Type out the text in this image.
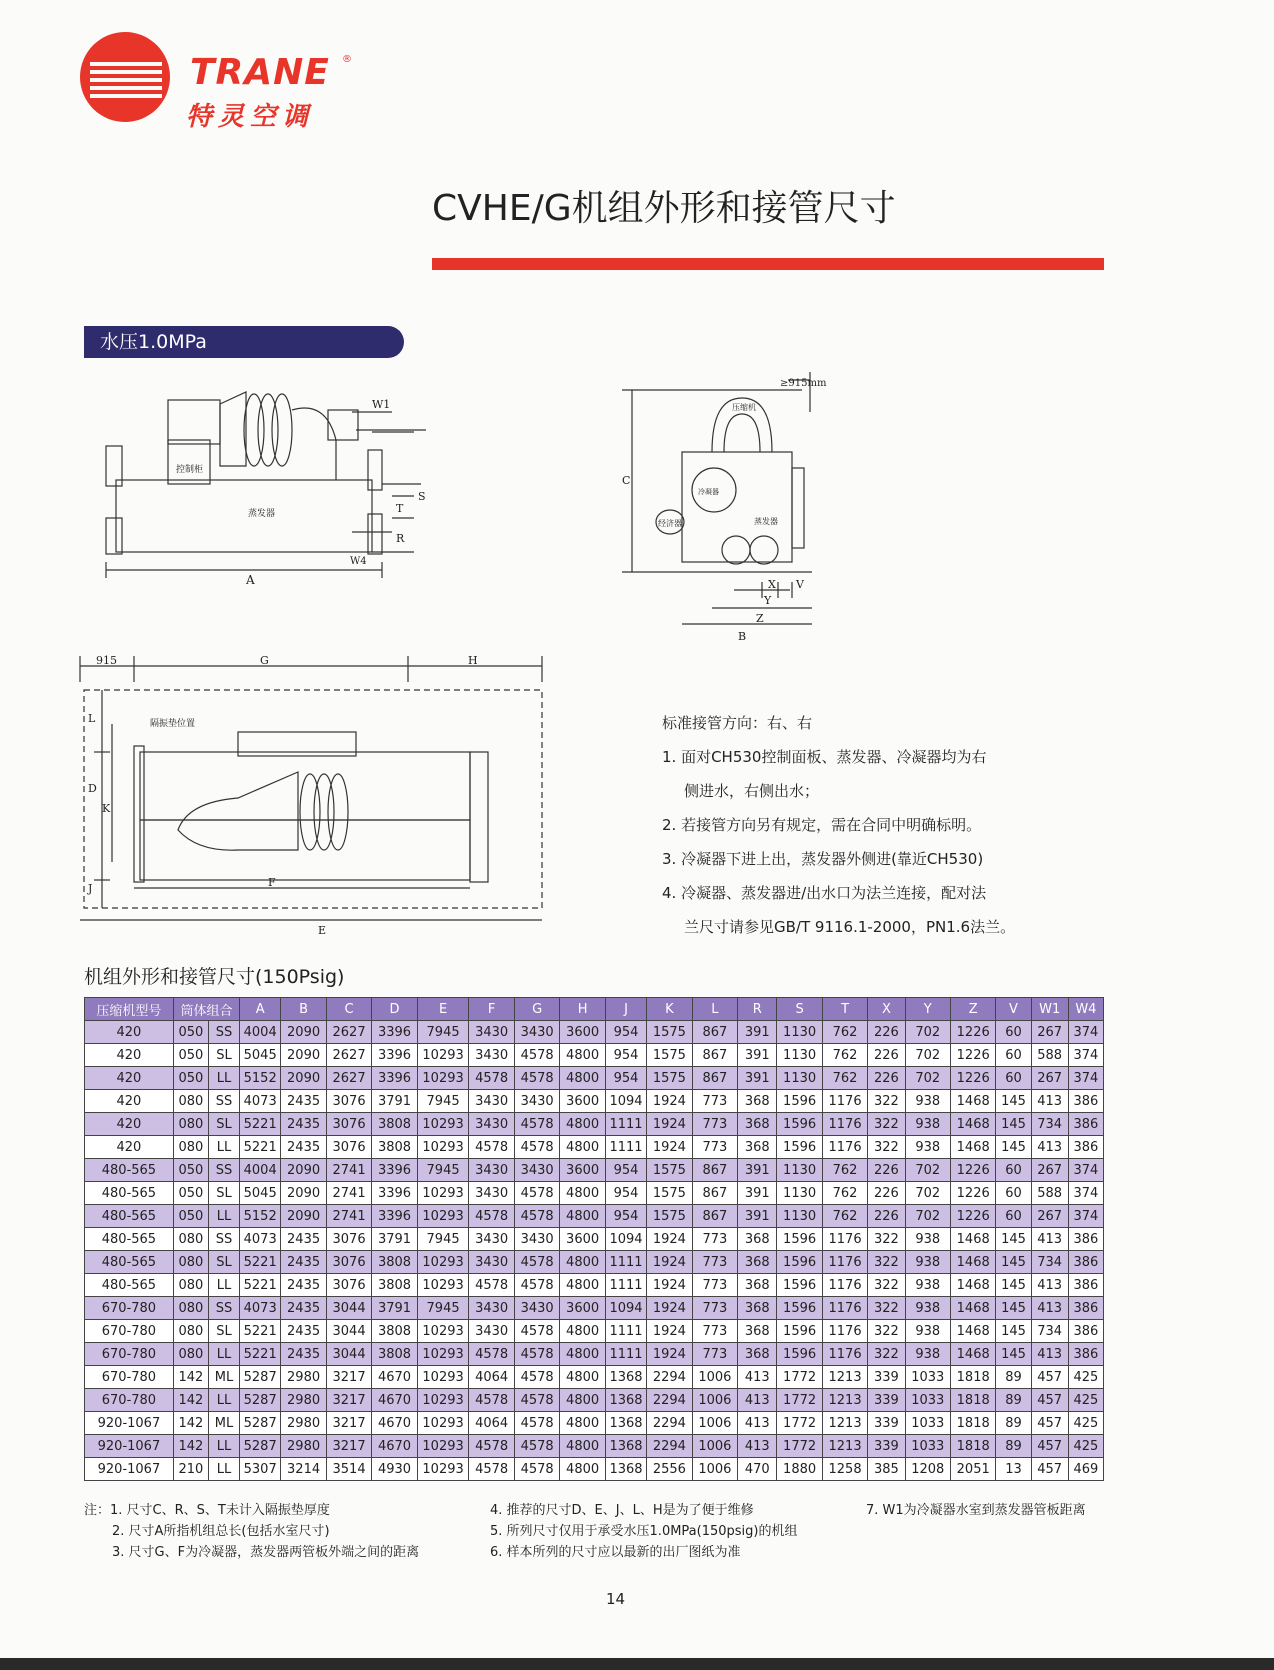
TRANE ®
特灵空调
CVHE/G机组外形和接管尺寸
水压1.0MPa
W1
S
T
R
W4
A
控制柜
蒸发器
≥915mm
压缩机
冷凝器
经济器	蒸发器
C
X V
Y
Z
B
915	G	H
L
D
K
J	F
E
隔振垫位置	标准接管方向：右、右
1. 面对CH530控制面板、蒸发器、冷凝器均为右
侧进水，右侧出水；
2. 若接管方向另有规定，需在合同中明确标明。
3. 冷凝器下进上出，蒸发器外侧进(靠近CH530)
4. 冷凝器、蒸发器进/出水口为法兰连接，配对法
兰尺寸请参见GB/T 9116.1-2000，PN1.6法兰。
机组外形和接管尺寸(150Psig)
压缩机型号	筒体组合		A	B	C	D	E	F	G	H	J	K	L	R	S	T	X	Y	Z	V	W1	W4
420	050	SS	4004	2090	2627	3396	7945	3430	3430	3600	954	1575	867	391	1130	762	226	702	1226	60	267	374
420	050	SL	5045	2090	2627	3396	10293	3430	4578	4800	954	1575	867	391	1130	762	226	702	1226	60	588	374
420	050	LL	5152	2090	2627	3396	10293	4578	4578	4800	954	1575	867	391	1130	762	226	702	1226	60	267	374
420	080	SS	4073	2435	3076	3791	7945	3430	3430	3600	1094	1924	773	368	1596	1176	322	938	1468	145	413	386
420	080	SL	5221	2435	3076	3808	10293	3430	4578	4800	1111	1924	773	368	1596	1176	322	938	1468	145	734	386
420	080	LL	5221	2435	3076	3808	10293	4578	4578	4800	1111	1924	773	368	1596	1176	322	938	1468	145	413	386
480-565	050	SS	4004	2090	2741	3396	7945	3430	3430	3600	954	1575	867	391	1130	762	226	702	1226	60	267	374
480-565	050	SL	5045	2090	2741	3396	10293	3430	4578	4800	954	1575	867	391	1130	762	226	702	1226	60	588	374
480-565	050	LL	5152	2090	2741	3396	10293	4578	4578	4800	954	1575	867	391	1130	762	226	702	1226	60	267	374
480-565	080	SS	4073	2435	3076	3791	7945	3430	3430	3600	1094	1924	773	368	1596	1176	322	938	1468	145	413	386
480-565	080	SL	5221	2435	3076	3808	10293	3430	4578	4800	1111	1924	773	368	1596	1176	322	938	1468	145	734	386
480-565	080	LL	5221	2435	3076	3808	10293	4578	4578	4800	1111	1924	773	368	1596	1176	322	938	1468	145	413	386
670-780	080	SS	4073	2435	3044	3791	7945	3430	3430	3600	1094	1924	773	368	1596	1176	322	938	1468	145	413	386
670-780	080	SL	5221	2435	3044	3808	10293	3430	4578	4800	1111	1924	773	368	1596	1176	322	938	1468	145	734	386
670-780	080	LL	5221	2435	3044	3808	10293	4578	4578	4800	1111	1924	773	368	1596	1176	322	938	1468	145	413	386
670-780	142	ML	5287	2980	3217	4670	10293	4064	4578	4800	1368	2294	1006	413	1772	1213	339	1033	1818	89	457	425
670-780	142	LL	5287	2980	3217	4670	10293	4578	4578	4800	1368	2294	1006	413	1772	1213	339	1033	1818	89	457	425
920-1067	142	ML	5287	2980	3217	4670	10293	4064	4578	4800	1368	2294	1006	413	1772	1213	339	1033	1818	89	457	425
920-1067	142	LL	5287	2980	3217	4670	10293	4578	4578	4800	1368	2294	1006	413	1772	1213	339	1033	1818	89	457	425
920-1067	210	LL	5307	3214	3514	4930	10293	4578	4578	4800	1368	2556	1006	470	1880	1258	385	1208	2051	13	457	469
注：1. 尺寸C、R、S、T未计入隔振垫厚度
2. 尺寸A所指机组总长(包括水室尺寸)
3. 尺寸G、F为冷凝器，蒸发器两管板外端之间的距离
4. 推荐的尺寸D、E、J、L、H是为了便于维修
5. 所列尺寸仅用于承受水压1.0MPa(150psig)的机组
6. 样本所列的尺寸应以最新的出厂图纸为准
7. W1为冷凝器水室到蒸发器管板距离
14
